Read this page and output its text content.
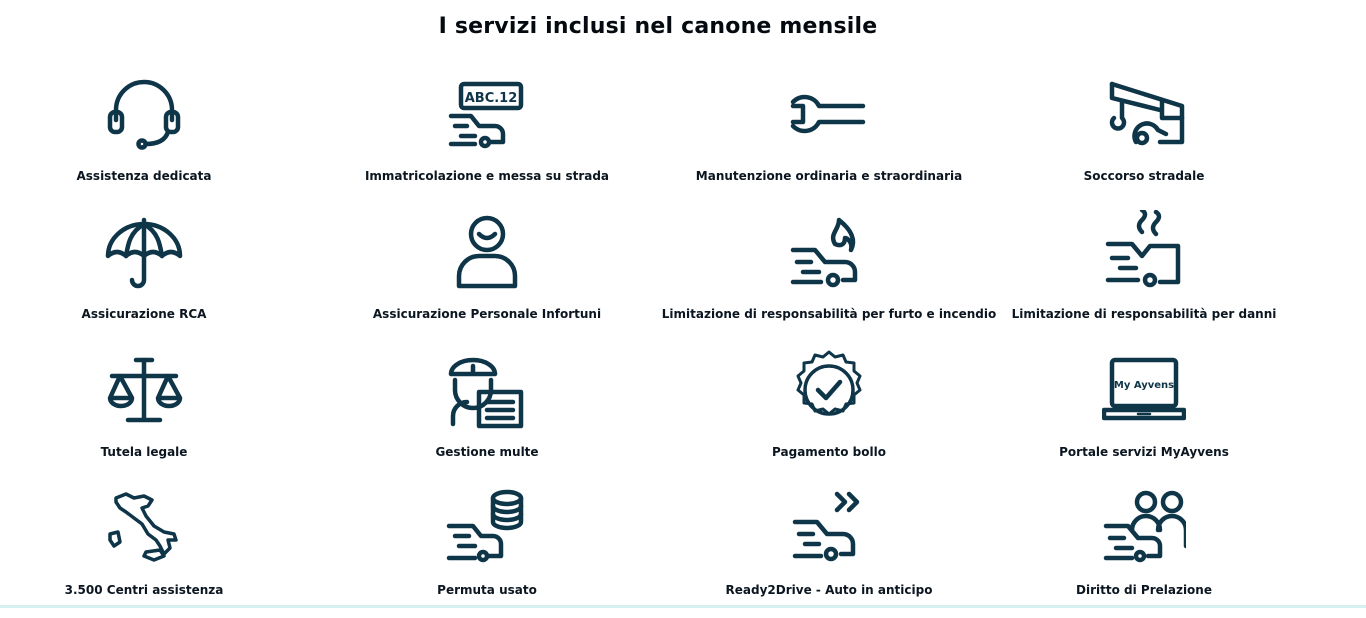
I servizi inclusi nel canone mensile
Assistenza dedicata
ABC.12
Immatricolazione e messa su strada	Manutenzione ordinaria e straordinaria	Soccorso stradale
Assicurazione RCA	Assicurazione Personale Infortuni	Limitazione di responsabilità per furto e incendio Limitazione di responsabilità per danni
Tutela legale	Gestione multe	Pagamento bollo
My Ayvens
Portale servizi MyAyvens
3.500 Centri assistenza	Permuta usato	Ready2Drive - Auto in anticipo	Diritto di Prelazione
